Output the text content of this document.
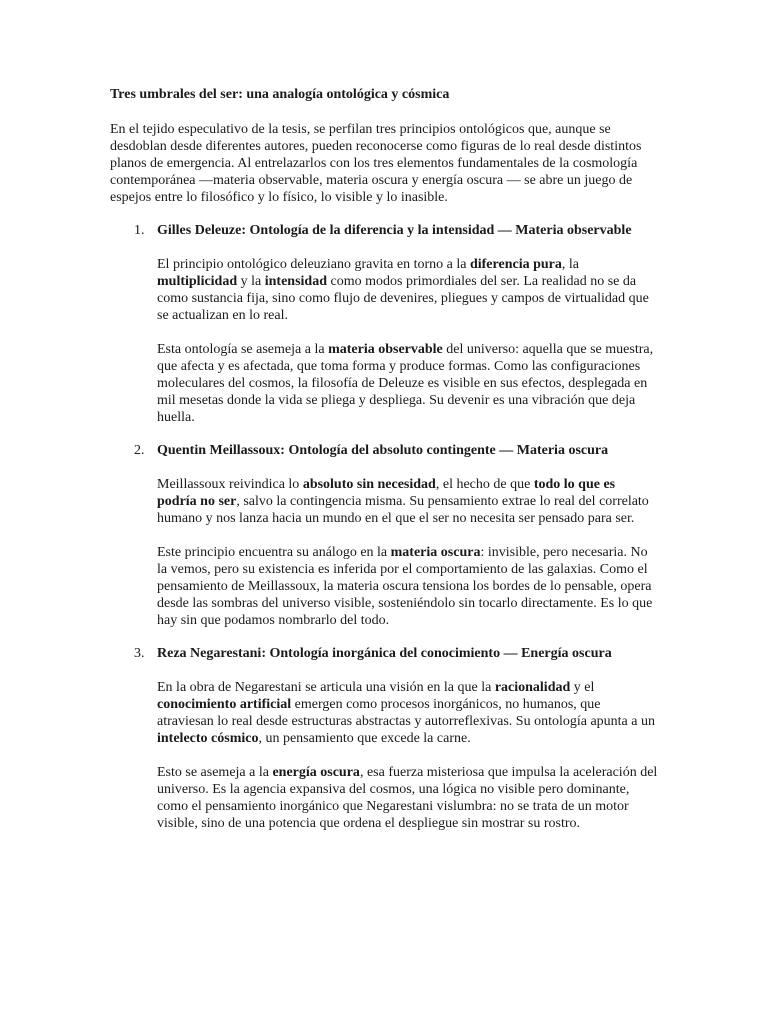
Tres umbrales del ser: una analogía ontológica y cósmica
En el tejido especulativo de la tesis, se perfilan tres principios ontológicos que, aunque se desdoblan desde diferentes autores, pueden reconocerse como figuras de lo real desde distintos planos de emergencia. Al entrelazarlos con los tres elementos fundamentales de la cosmología contemporánea —materia observable, materia oscura y energía oscura — se abre un juego de espejos entre lo filosófico y lo físico, lo visible y lo inasible.
1. Gilles Deleuze: Ontología de la diferencia y la intensidad — Materia observable
El principio ontológico deleuziano gravita en torno a la diferencia pura, la multiplicidad y la intensidad como modos primordiales del ser. La realidad no se da como sustancia fija, sino como flujo de devenires, pliegues y campos de virtualidad que se actualizan en lo real.
Esta ontología se asemeja a la materia observable del universo: aquella que se muestra, que afecta y es afectada, que toma forma y produce formas. Como las configuraciones moleculares del cosmos, la filosofía de Deleuze es visible en sus efectos, desplegada en mil mesetas donde la vida se pliega y despliega. Su devenir es una vibración que deja huella.
2. Quentin Meillassoux: Ontología del absoluto contingente — Materia oscura
Meillassoux reivindica lo absoluto sin necesidad, el hecho de que todo lo que es podría no ser, salvo la contingencia misma. Su pensamiento extrae lo real del correlato humano y nos lanza hacia un mundo en el que el ser no necesita ser pensado para ser.
Este principio encuentra su análogo en la materia oscura: invisible, pero necesaria. No la vemos, pero su existencia es inferida por el comportamiento de las galaxias. Como el pensamiento de Meillassoux, la materia oscura tensiona los bordes de lo pensable, opera desde las sombras del universo visible, sosteniéndolo sin tocarlo directamente. Es lo que hay sin que podamos nombrarlo del todo.
3. Reza Negarestani: Ontología inorgánica del conocimiento — Energía oscura
En la obra de Negarestani se articula una visión en la que la racionalidad y el conocimiento artificial emergen como procesos inorgánicos, no humanos, que atraviesan lo real desde estructuras abstractas y autorreflexivas. Su ontología apunta a un intelecto cósmico, un pensamiento que excede la carne.
Esto se asemeja a la energía oscura, esa fuerza misteriosa que impulsa la aceleración del universo. Es la agencia expansiva del cosmos, una lógica no visible pero dominante, como el pensamiento inorgánico que Negarestani vislumbra: no se trata de un motor visible, sino de una potencia que ordena el despliegue sin mostrar su rostro.
